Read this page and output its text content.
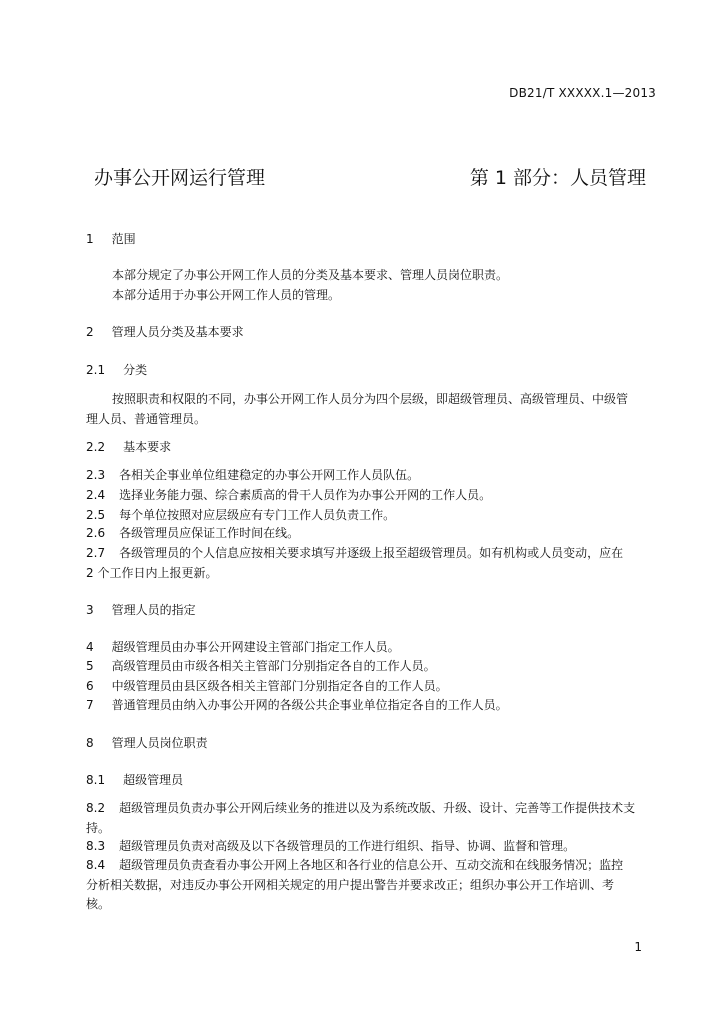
DB21/T XXXXX.1—2013
办事公开网运行管理	第 1 部分：人员管理
1 范围
本部分规定了办事公开网工作人员的分类及基本要求、管理人员岗位职责。
本部分适用于办事公开网工作人员的管理。
2 管理人员分类及基本要求
2.1 分类
按照职责和权限的不同，办事公开网工作人员分为四个层级，即超级管理员、高级管理员、中级管
理人员、普通管理员。
2.2 基本要求
2.3 各相关企事业单位组建稳定的办事公开网工作人员队伍。
2.4 选择业务能力强、综合素质高的骨干人员作为办事公开网的工作人员。
2.5 每个单位按照对应层级应有专门工作人员负责工作。
2.6 各级管理员应保证工作时间在线。
2.7 各级管理员的个人信息应按相关要求填写并逐级上报至超级管理员。如有机构或人员变动，应在
2 个工作日内上报更新。
3 管理人员的指定
4 超级管理员由办事公开网建设主管部门指定工作人员。
5 高级管理员由市级各相关主管部门分别指定各自的工作人员。
6 中级管理员由县区级各相关主管部门分别指定各自的工作人员。
7 普通管理员由纳入办事公开网的各级公共企事业单位指定各自的工作人员。
8 管理人员岗位职责
8.1 超级管理员
8.2 超级管理员负责办事公开网后续业务的推进以及为系统改版、升级、设计、完善等工作提供技术支
持。
8.3 超级管理员负责对高级及以下各级管理员的工作进行组织、指导、协调、监督和管理。
8.4 超级管理员负责查看办事公开网上各地区和各行业的信息公开、互动交流和在线服务情况；监控
分析相关数据，对违反办事公开网相关规定的用户提出警告并要求改正；组织办事公开工作培训、考
核。
1
